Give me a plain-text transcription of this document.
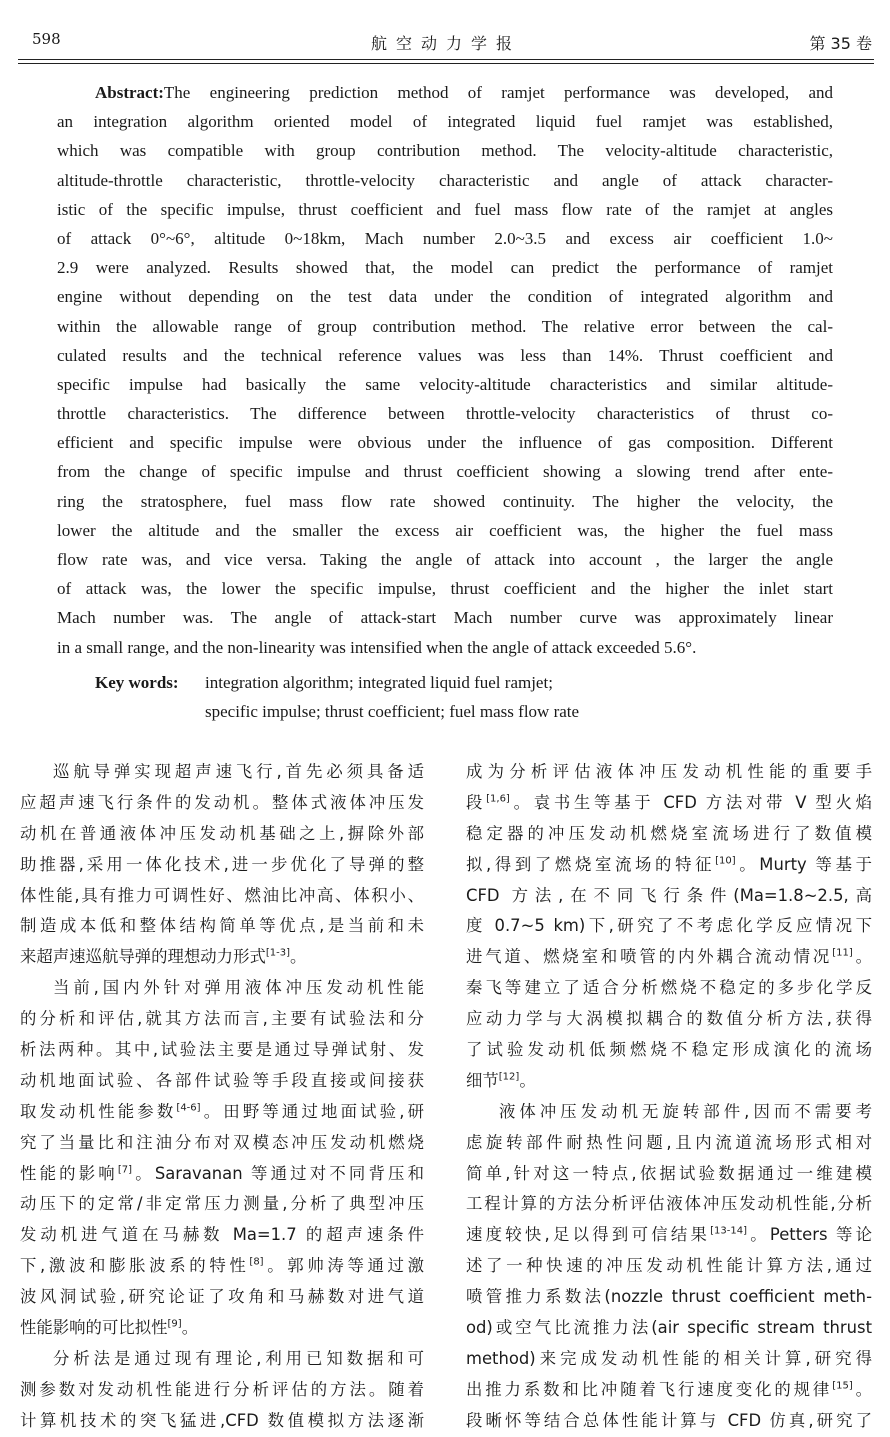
598	航空动力学报	第 35 卷
Abstract:The engineering prediction method of ramjet performance was developed, and
an integration algorithm oriented model of integrated liquid fuel ramjet was established,
which was compatible with group contribution method. The velocity-altitude characteristic,
altitude-throttle characteristic, throttle-velocity characteristic and angle of attack character-
istic of the specific impulse, thrust coefficient and fuel mass flow rate of the ramjet at angles
of attack 0°~6°, altitude 0~18km, Mach number 2.0~3.5 and excess air coefficient 1.0~
2.9 were analyzed. Results showed that, the model can predict the performance of ramjet
engine without depending on the test data under the condition of integrated algorithm and
within the allowable range of group contribution method. The relative error between the cal-
culated results and the technical reference values was less than 14%. Thrust coefficient and
specific impulse had basically the same velocity-altitude characteristics and similar altitude-
throttle characteristics. The difference between throttle-velocity characteristics of thrust co-
efficient and specific impulse were obvious under the influence of gas composition. Different
from the change of specific impulse and thrust coefficient showing a slowing trend after ente-
ring the stratosphere, fuel mass flow rate showed continuity. The higher the velocity, the
lower the altitude and the smaller the excess air coefficient was, the higher the fuel mass
flow rate was, and vice versa. Taking the angle of attack into account , the larger the angle
of attack was, the lower the specific impulse, thrust coefficient and the higher the inlet start
Mach number was. The angle of attack-start Mach number curve was approximately linear
in a small range, and the non-linearity was intensified when the angle of attack exceeded 5.6°.
Key words: integration algorithm; integrated liquid fuel ramjet;
specific impulse; thrust coefficient; fuel mass flow rate
巡航导弹实现超声速飞行,首先必须具备适
应超声速飞行条件的发动机。整体式液体冲压发
动机在普通液体冲压发动机基础之上,摒除外部
助推器,采用一体化技术,进一步优化了导弹的整
体性能,具有推力可调性好、燃油比冲高、体积小、
制造成本低和整体结构简单等优点,是当前和未
来超声速巡航导弹的理想动力形式[1-3]。
当前,国内外针对弹用液体冲压发动机性能
的分析和评估,就其方法而言,主要有试验法和分
析法两种。其中,试验法主要是通过导弹试射、发
动机地面试验、各部件试验等手段直接或间接获
取发动机性能参数[4-6]。田野等通过地面试验,研
究了当量比和注油分布对双模态冲压发动机燃烧
性能的影响[7]。Saravanan 等通过对不同背压和
动压下的定常/非定常压力测量,分析了典型冲压
发动机进气道在马赫数 Ma=1.7 的超声速条件
下,激波和膨胀波系的特性[8]。郭帅涛等通过激
波风洞试验,研究论证了攻角和马赫数对进气道
性能影响的可比拟性[9]。
分析法是通过现有理论,利用已知数据和可
测参数对发动机性能进行分析评估的方法。随着
计算机技术的突飞猛进,CFD 数值模拟方法逐渐
成为分析评估液体冲压发动机性能的重要手
段[1,6]。袁书生等基于 CFD 方法对带 V 型火焰
稳定器的冲压发动机燃烧室流场进行了数值模
拟,得到了燃烧室流场的特征[10]。Murty 等基于
CFD 方法,在不同飞行条件(Ma=1.8~2.5,高
度 0.7~5 km)下,研究了不考虑化学反应情况下
进气道、燃烧室和喷管的内外耦合流动情况[11]。
秦飞等建立了适合分析燃烧不稳定的多步化学反
应动力学与大涡模拟耦合的数值分析方法,获得
了试验发动机低频燃烧不稳定形成演化的流场
细节[12]。
液体冲压发动机无旋转部件,因而不需要考
虑旋转部件耐热性问题,且内流道流场形式相对
简单,针对这一特点,依据试验数据通过一维建模
工程计算的方法分析评估液体冲压发动机性能,分析
速度较快,足以得到可信结果[13-14]。Petters 等论
述了一种快速的冲压发动机性能计算方法,通过
喷管推力系数法(nozzle thrust coefficient meth-
od)或空气比流推力法(air specific stream thrust
method)来完成发动机性能的相关计算,研究得
出推力系数和比冲随着飞行速度变化的规律[15]。
段晰怀等结合总体性能计算与 CFD 仿真,研究了
